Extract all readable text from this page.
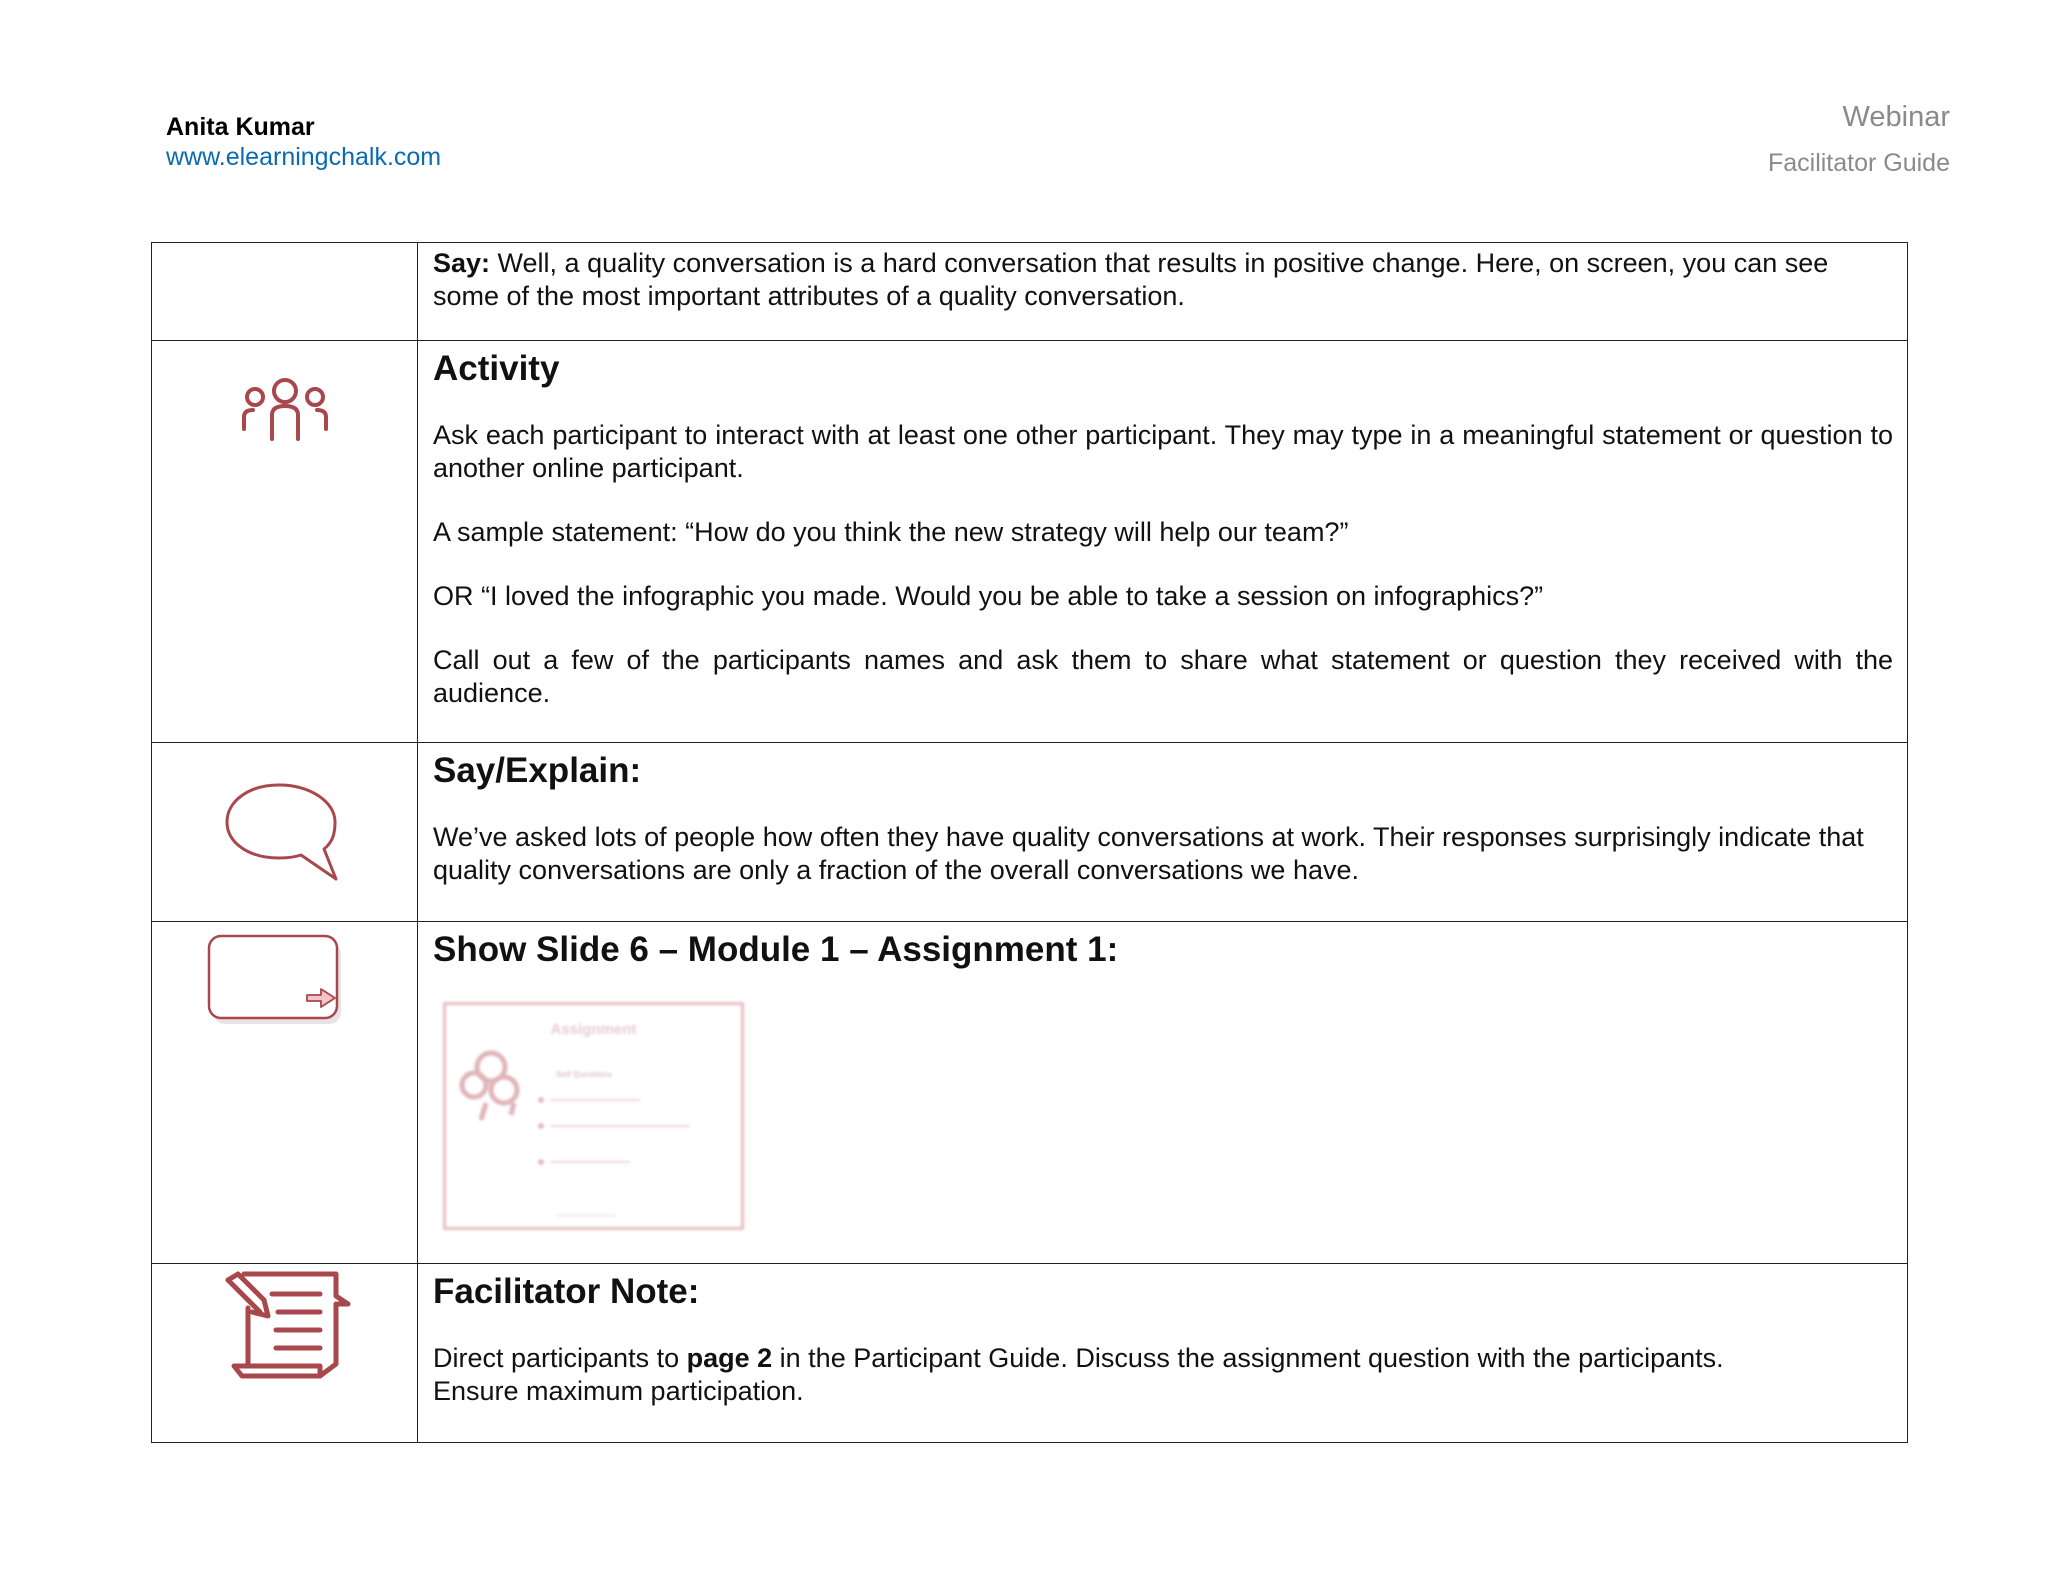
Anita Kumar
www.elearningchalk.com
Webinar
Facilitator Guide

	Say: Well, a quality conversation is a hard conversation that results in positive change. Here, on screen, you can see some of the most important attributes of a quality conversation.

Activity

Ask each participant to interact with at least one other participant. They may type in a meaningful statement or question to another online participant.

A sample statement: “How do you think the new strategy will help our team?”

OR “I loved the infographic you made. Would you be able to take a session on infographics?”

Call out a few of the participants names and ask them to share what statement or question they received with the audience.

Say/Explain:

We’ve asked lots of people how often they have quality conversations at work. Their responses surprisingly indicate that quality conversations are only a fraction of the overall conversations we have.

Show Slide 6 – Module 1 – Assignment 1:

Assignment
Self Questions

Facilitator Note:

Direct participants to page 2 in the Participant Guide. Discuss the assignment question with the participants.
Ensure maximum participation.
